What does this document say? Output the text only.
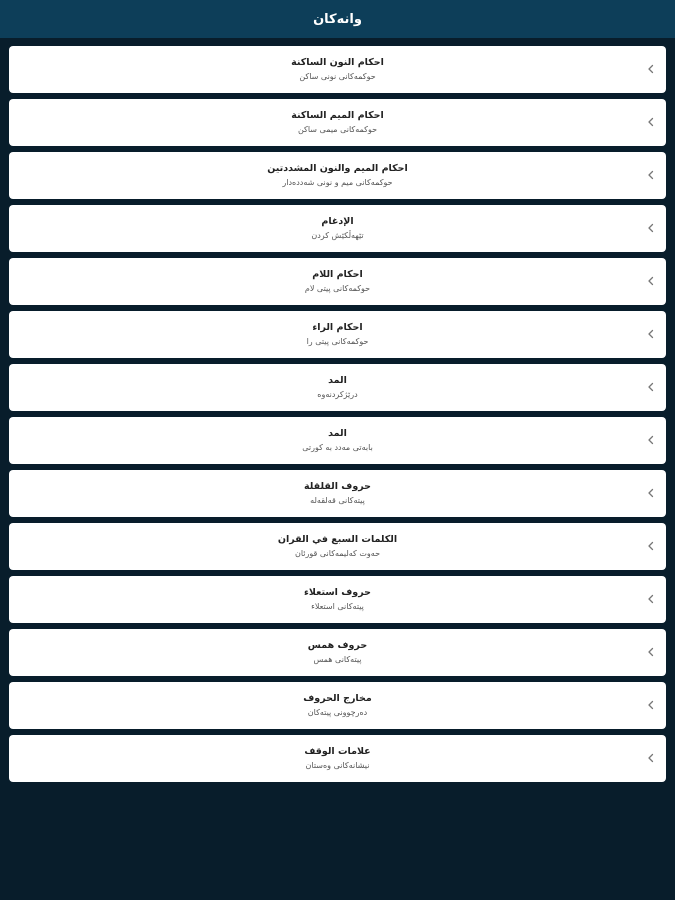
وانەکان
احكام النون الساكنة
حوکمەکانی نونی ساکن
احكام الميم الساكنة
حوکمەکانی میمی ساکن
احكام الميم والنون المشددتين
حوکمەکانی میم و نونی شەددەدار
الإدغام
تێهەڵکێش کردن
احكام اللام
حوکمەکانی پیتی لام
احكام الراء
حوکمەکانی پیتی را
المد
درێژکردنەوە
المد
بابەتی مەدد بە کورتی
حروف القلقلة
پیتەکانی قەلقەلە
الكلمات السبع في القران
حەوت کەلیمەکانی قورئان
حروف استعلاء
پیتەکانی استعلاء
حروف همس
پیتەکانی همس
مخارج الحروف
دەرچوونی پیتەکان
علامات الوقف
نیشانەکانی وەستان
